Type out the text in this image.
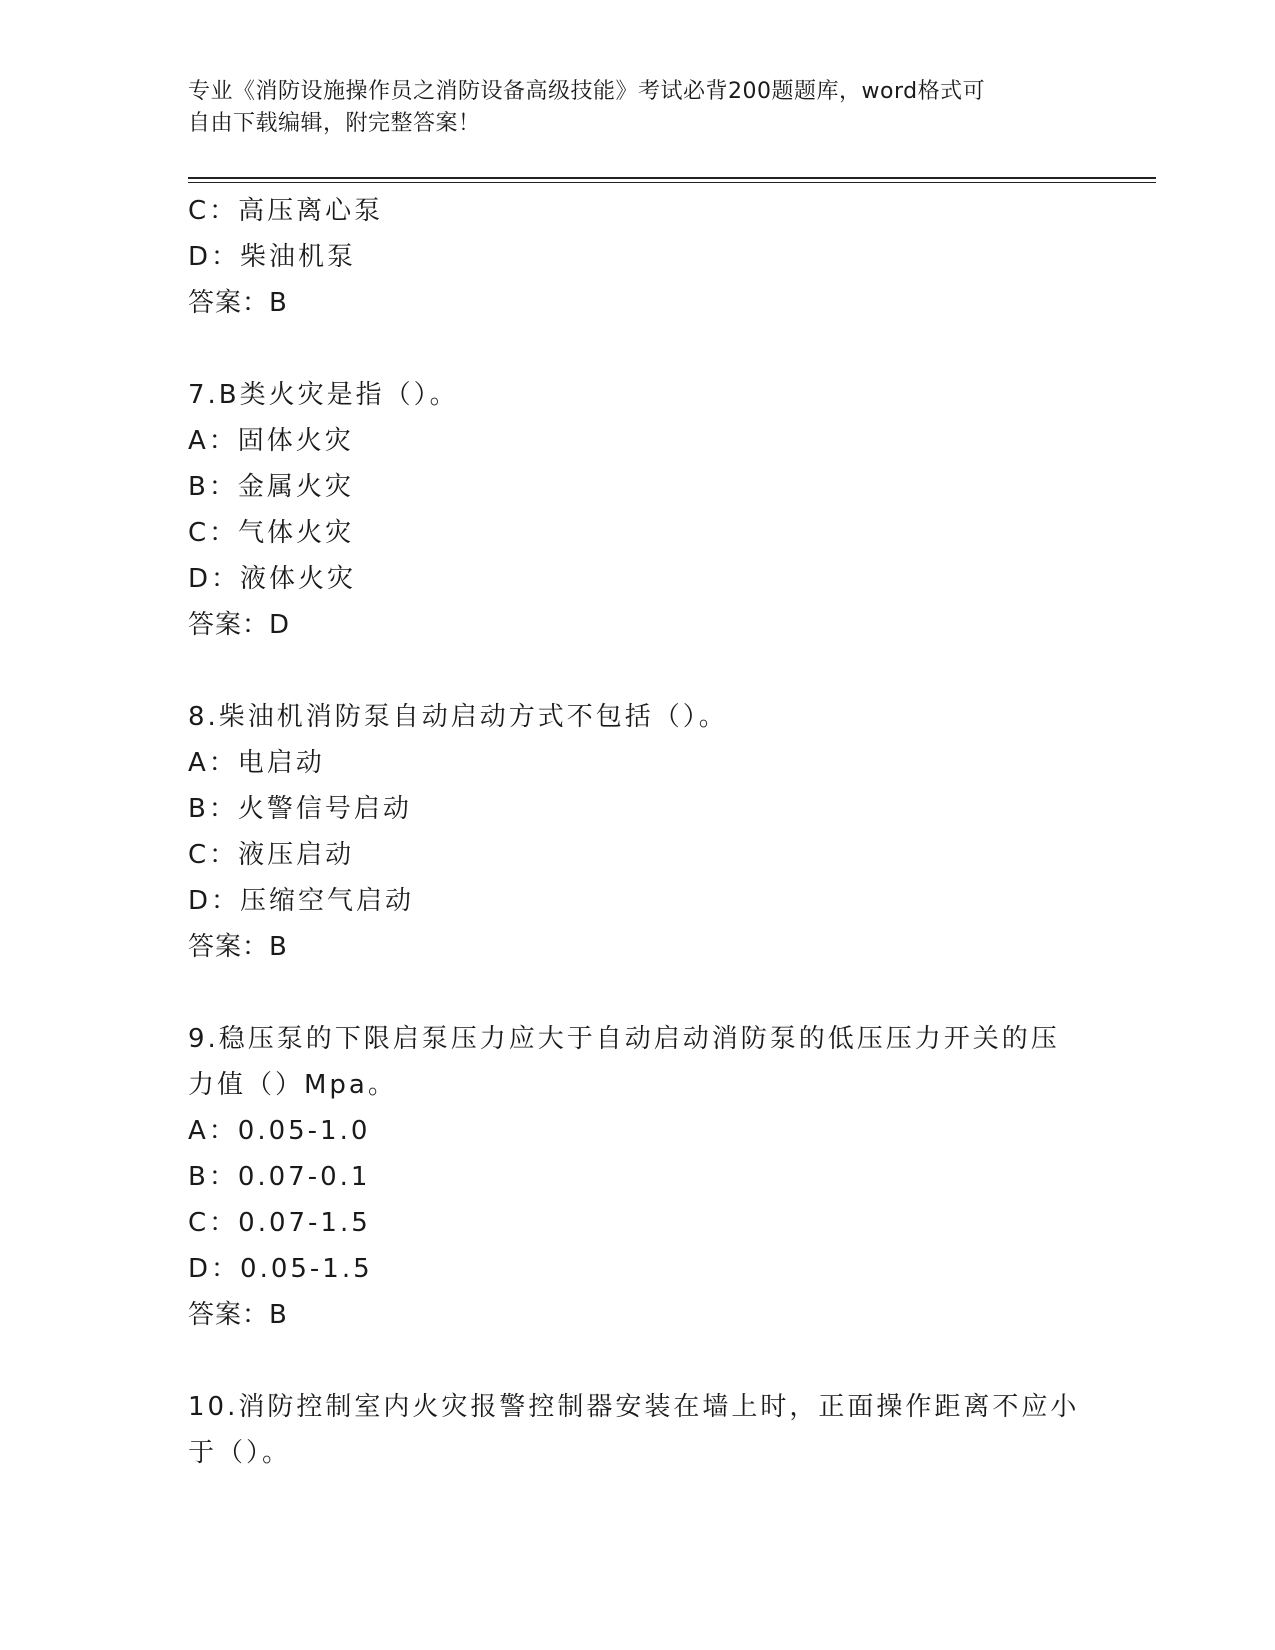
专业《消防设施操作员之消防设备高级技能》考试必背200题题库，word格式可
自由下载编辑，附完整答案！
C：高压离心泵
D：柴油机泵
答案：B
7.B类火灾是指（）。
A：固体火灾
B：金属火灾
C：气体火灾
D：液体火灾
答案：D
8.柴油机消防泵自动启动方式不包括（）。
A：电启动
B：火警信号启动
C：液压启动
D：压缩空气启动
答案：B
9.稳压泵的下限启泵压力应大于自动启动消防泵的低压压力开关的压
力值（）Mpa。
A：0.05-1.0
B：0.07-0.1
C：0.07-1.5
D：0.05-1.5
答案：B
10.消防控制室内火灾报警控制器安装在墙上时，正面操作距离不应小
于（）。
